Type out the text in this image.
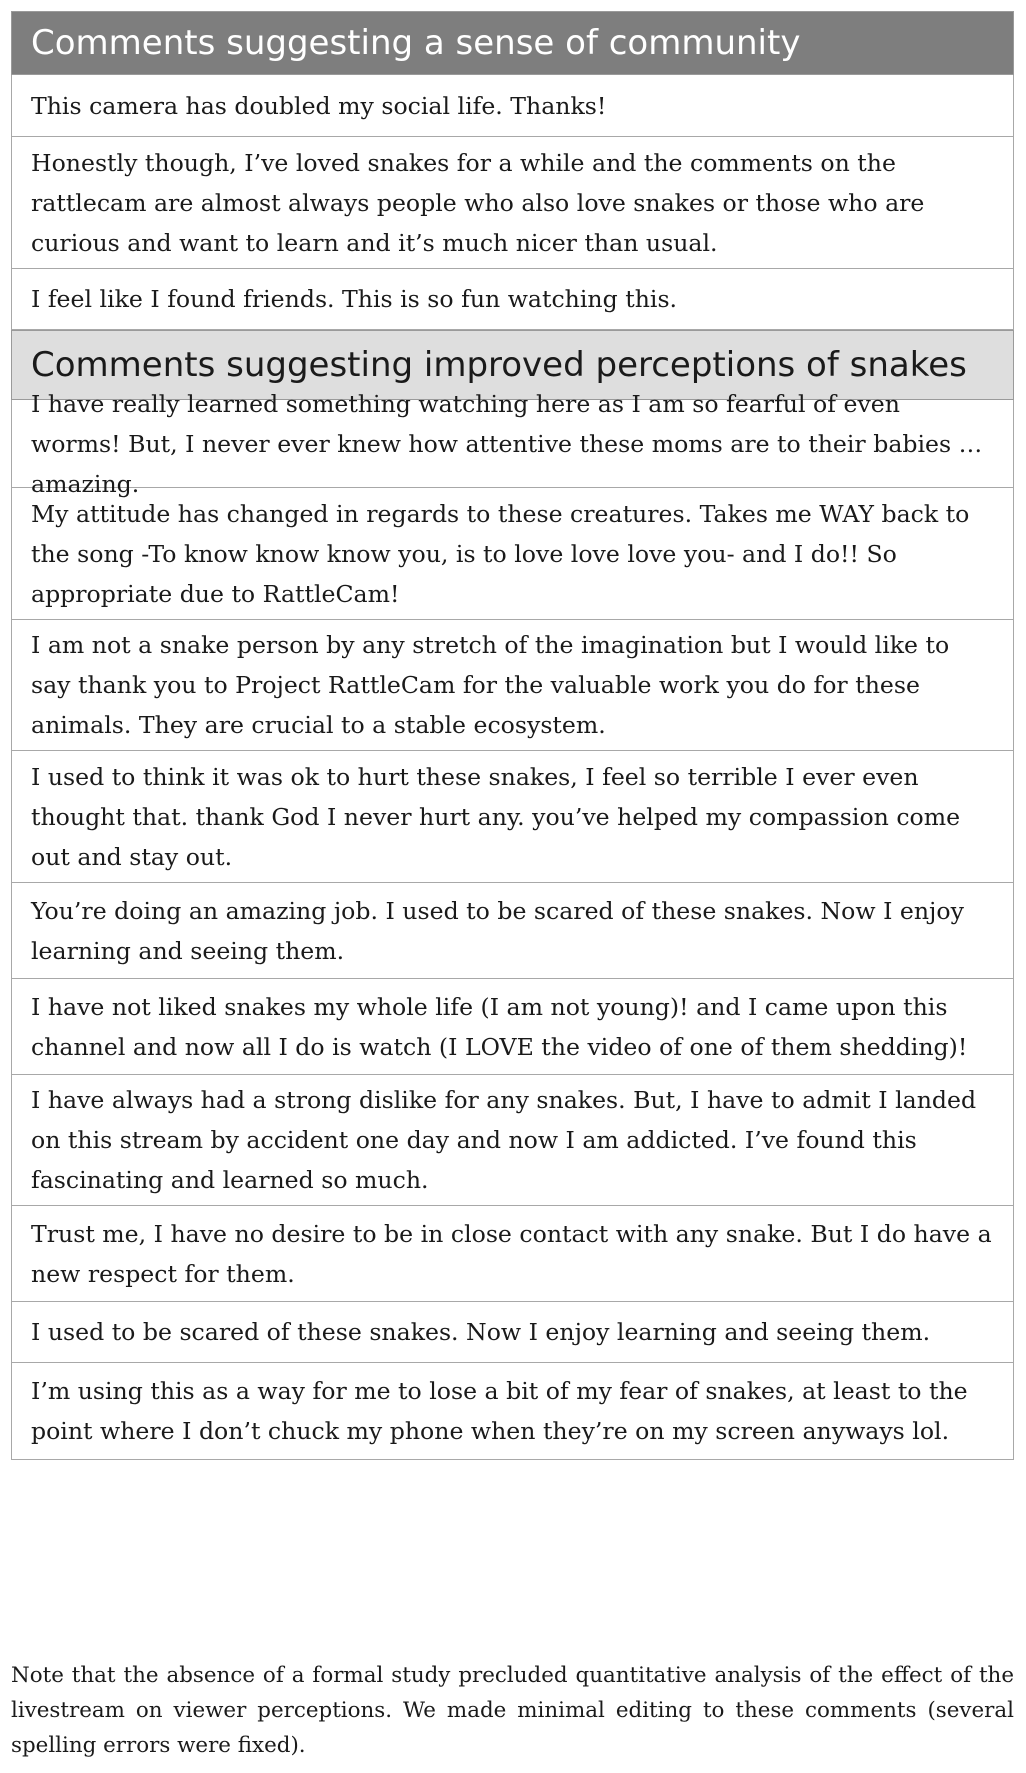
Comments suggesting a sense of community
This camera has doubled my social life. Thanks!
Honestly though, I’ve loved snakes for a while and the comments on the rattlecam are almost always people who also love snakes or those who are curious and want to learn and it’s much nicer than usual.
I feel like I found friends. This is so fun watching this.
Comments suggesting improved perceptions of snakes
I have really learned something watching here as I am so fearful of even worms! But, I never ever knew how attentive these moms are to their babies … amazing.
My attitude has changed in regards to these creatures. Takes me WAY back to the song -To know know know you, is to love love love you- and I do!! So appropriate due to RattleCam!
I am not a snake person by any stretch of the imagination but I would like to say thank you to Project RattleCam for the valuable work you do for these animals. They are crucial to a stable ecosystem.
I used to think it was ok to hurt these snakes, I feel so terrible I ever even thought that. thank God I never hurt any. you’ve helped my compassion come out and stay out.
You’re doing an amazing job. I used to be scared of these snakes. Now I enjoy learning and seeing them.
I have not liked snakes my whole life (I am not young)! and I came upon this channel and now all I do is watch (I LOVE the video of one of them shedding)!
I have always had a strong dislike for any snakes. But, I have to admit I landed on this stream by accident one day and now I am addicted. I’ve found this fascinating and learned so much.
Trust me, I have no desire to be in close contact with any snake. But I do have a new respect for them.
I used to be scared of these snakes. Now I enjoy learning and seeing them.
I’m using this as a way for me to lose a bit of my fear of snakes, at least to the point where I don’t chuck my phone when they’re on my screen anyways lol.
Note that the absence of a formal study precluded quantitative analysis of the effect of the livestream on viewer perceptions. We made minimal editing to these comments (several spelling errors were fixed).
